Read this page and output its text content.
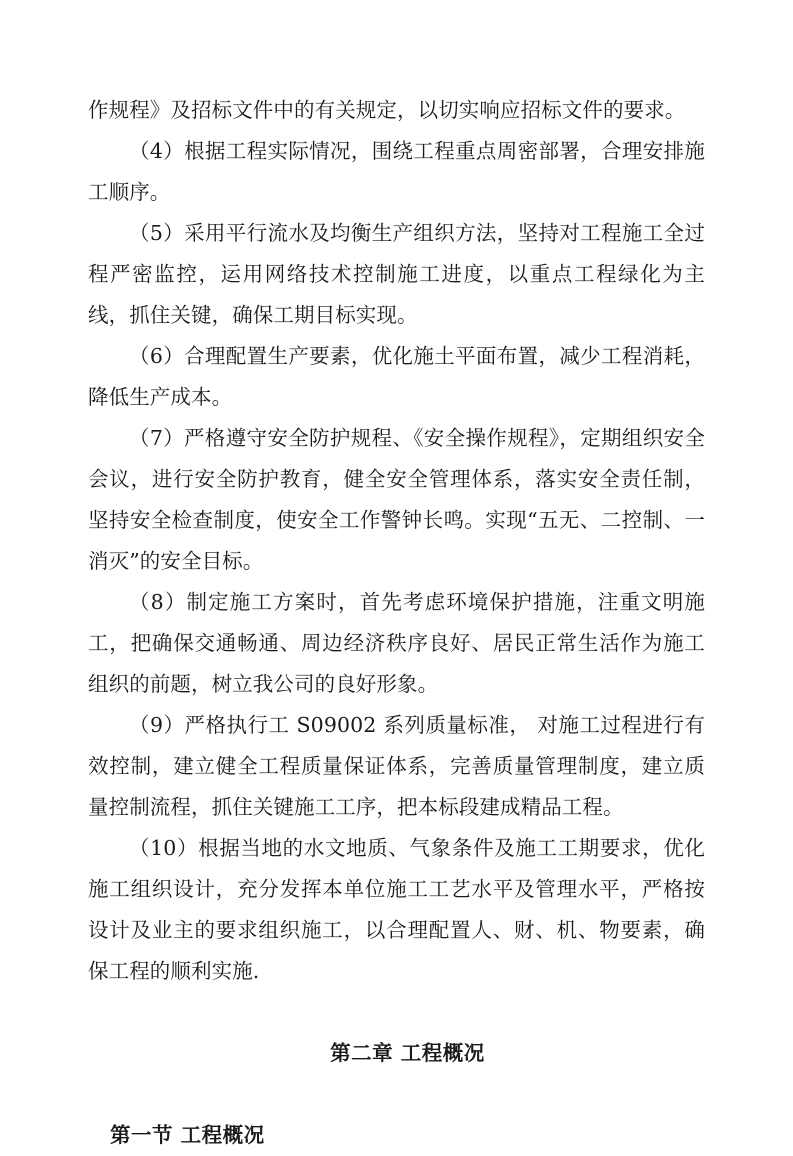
作规程》及招标文件中的有关规定，以切实响应招标文件的要求。

（4）根据工程实际情况，围绕工程重点周密部署，合理安排施工顺序。

（5）采用平行流水及均衡生产组织方法，坚持对工程施工全过程严密监控，运用网络技术控制施工进度，以重点工程绿化为主线，抓住关键，确保工期目标实现。

（6）合理配置生产要素，优化施土平面布置，减少工程消耗，降低生产成本。

（7）严格遵守安全防护规程、《安全操作规程》，定期组织安全会议，进行安全防护教育，健全安全管理体系，落实安全责任制，坚持安全检查制度，使安全工作警钟长鸣。实现“五无、二控制、一消灭”的安全目标。

（8）制定施工方案时，首先考虑环境保护措施，注重文明施工，把确保交通畅通、周边经济秩序良好、居民正常生活作为施工组织的前题，树立我公司的良好形象。

（9）严格执行工 S09002 系列质量标准， 对施工过程进行有效控制，建立健全工程质量保证体系，完善质量管理制度，建立质量控制流程，抓住关键施工工序，把本标段建成精品工程。

（10）根据当地的水文地质、气象条件及施工工期要求，优化施工组织设计，充分发挥本单位施工工艺水平及管理水平，严格按设计及业主的要求组织施工，以合理配置人、财、机、物要素，确保工程的顺利实施.

第二章 工程概况
第一节 工程概况
